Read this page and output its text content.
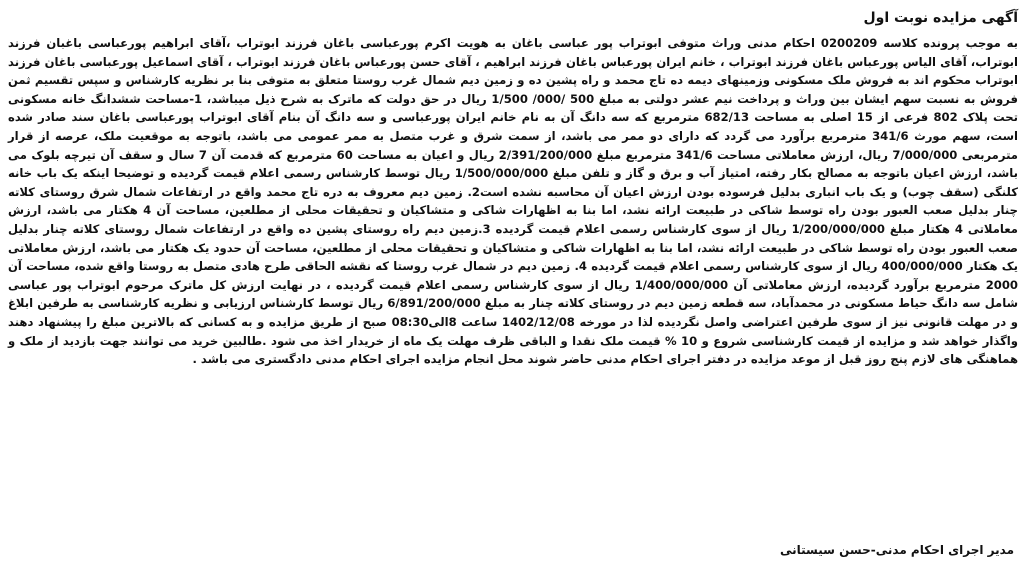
آگهی مزایده نوبت اول

به موجب پرونده کلاسه 0200209 احکام مدنی وراث متوفی ابوتراب پور عباسی باغان به هویت اکرم پورعباسی باغان فرزند ابوتراب ،آقای ابراهیم پورعباسی باغبان فرزند ابوتراب، آقای الیاس پورعباس باغان فرزند ابوتراب ، خانم ایران پورعباس باغان فرزند ابراهیم ، آقای حسن پورعباس باغان فرزند ابوتراب ، آقای اسماعیل پورعباسی باغان فرزند ابوتراب محکوم اند به فروش ملک مسکونی وزمینهای دیمه ده تاج محمد و راه پشین ده و زمین دیم شمال غرب روستا متعلق به متوفی بنا بر نظریه کارشناس و سپس تقسیم ثمن فروش به نسبت سهم ایشان بین وراث و پرداخت نیم عشر دولتی به مبلغ 500 /000/ 1/500 ریال در حق دولت که ماترک به شرح ذیل میباشد، 1-مساحت ششدانگ خانه مسکونی تحت پلاک 802 فرعی از 15 اصلی به مساحت 682/13 مترمربع که سه دانگ آن به نام خانم ایران پورعباسی و سه دانگ آن بنام آقای ابوتراب پورعباسی باغان سند صادر شده است، سهم مورث 341/6 مترمربع برآورد می گردد که دارای دو ممر می باشد، از سمت شرق و غرب متصل به ممر عمومی می باشد، باتوجه به موقعیت ملک، عرصه از قرار مترمربعی 7/000/000 ریال، ارزش معاملاتی مساحت 341/6 مترمربع مبلغ 2/391/200/000 ریال و اعیان به مساحت 60 مترمربع که قدمت آن 7 سال و سقف آن تیرچه بلوک می باشد، ارزش اعیان باتوجه به مصالح بکار رفته، امتیاز آب و برق و گاز و تلفن مبلغ 1/500/000/000 ریال توسط کارشناس رسمی اعلام قیمت گردیده و توضیحا اینکه یک باب خانه کلنگی (سقف چوب) و یک باب انباری بدلیل فرسوده بودن ارزش اعیان آن محاسبه نشده است2. زمین دیم معروف به دره تاج محمد واقع در ارتفاعات شمال شرق روستای کلاته چنار بدلیل صعب العبور بودن راه توسط شاکی در طبیعت ارائه نشد، اما بنا به اظهارات شاکی و متشاکیان و تحقیقات محلی از مطلعین، مساحت آن 4 هکتار می باشد، ارزش معاملاتی 4 هکتار مبلغ 1/200/000/000 ریال از سوی کارشناس رسمی اعلام قیمت گردیده 3.زمین دیم راه روستای پشین ده واقع در ارتفاعات شمال روستای کلاته چنار بدلیل صعب العبور بودن راه توسط شاکی در طبیعت ارائه نشد، اما بنا به اظهارات شاکی و متشاکیان و تحقیقات محلی از مطلعین، مساحت آن حدود یک هکتار می باشد، ارزش معاملاتی یک هکتار 400/000/000 ریال از سوی کارشناس رسمی اعلام قیمت گردیده 4. زمین دیم در شمال غرب روستا که نقشه الحاقی طرح هادی متصل به روستا واقع شده، مساحت آن 2000 مترمربع برآورد گردیده، ارزش معاملاتی آن 1/400/000/000 ریال از سوی کارشناس رسمی اعلام قیمت گردیده ، در نهایت ارزش کل ماترک مرحوم ابوتراب پور عباسی شامل سه دانگ حیاط مسکونی در محمدآباد، سه قطعه زمین دیم در روستای کلاته چنار به مبلغ 6/891/200/000 ریال توسط کارشناس ارزیابی و نظریه کارشناسی به طرفین ابلاغ و در مهلت قانونی نیز از سوی طرفین اعتراضی واصل نگردیده لذا در مورخه 1402/12/08 ساعت 8الی08:30 صبح از طریق مزایده و به کسانی که بالاترین مبلغ را پیشنهاد دهند واگذار خواهد شد و مزایده از قیمت کارشناسی شروع و 10 % قیمت ملک نقدا و الباقی ظرف مهلت یک ماه از خریدار اخذ می شود .طالبین خرید می توانند جهت بازدید از ملک و هماهنگی های لازم پنج روز قبل از موعد مزایده در دفتر اجرای احکام مدنی حاضر شوند محل انجام مزایده اجرای احکام مدنی دادگستری می باشد .

مدیر اجرای احکام مدنی-حسن سیستانی
